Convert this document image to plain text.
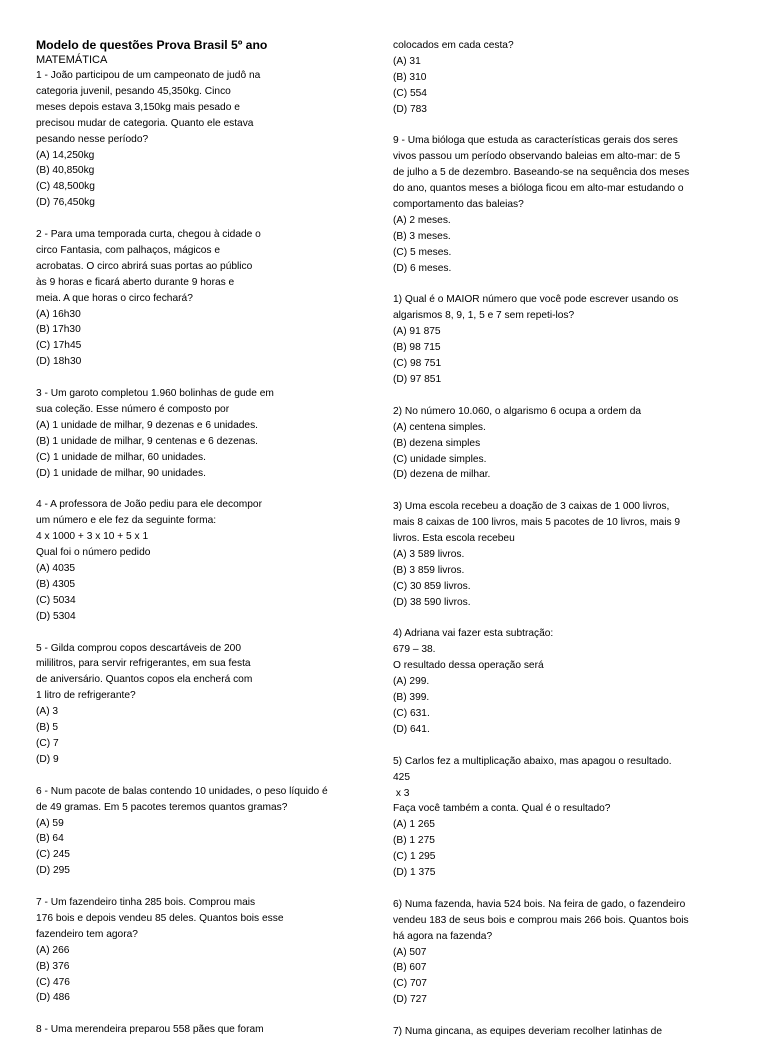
Modelo de questões Prova Brasil 5º ano
MATEMÁTICA
1 - João participou de um campeonato de judô na
categoria juvenil, pesando 45,350kg. Cinco
meses depois estava 3,150kg mais pesado e
precisou mudar de categoria. Quanto ele estava
pesando nesse período?
(A) 14,250kg
(B) 40,850kg
(C) 48,500kg
(D) 76,450kg
2 - Para uma temporada curta, chegou à cidade o
circo Fantasia, com palhaços, mágicos e
acrobatas. O circo abrirá suas portas ao público
às 9 horas e ficará aberto durante 9 horas e
meia. A que horas o circo fechará?
(A) 16h30
(B) 17h30
(C) 17h45
(D) 18h30
3 - Um garoto completou 1.960 bolinhas de gude em
sua coleção. Esse número é composto por
(A) 1 unidade de milhar, 9 dezenas e 6 unidades.
(B) 1 unidade de milhar, 9 centenas e 6 dezenas.
(C) 1 unidade de milhar, 60 unidades.
(D) 1 unidade de milhar, 90 unidades.
4 - A professora de João pediu para ele decompor
um número e ele fez da seguinte forma:
4 x 1000 + 3 x 10 + 5 x 1
Qual foi o número pedido
(A) 4035
(B) 4305
(C) 5034
(D) 5304
5 - Gilda comprou copos descartáveis de 200
mililitros, para servir refrigerantes, em sua festa
de aniversário. Quantos copos ela encherá com
1 litro de refrigerante?
(A) 3
(B) 5
(C) 7
(D) 9
6 - Num pacote de balas contendo 10 unidades, o peso líquido é
de 49 gramas. Em 5 pacotes teremos quantos gramas?
(A) 59
(B) 64
(C) 245
(D) 295
7 - Um fazendeiro tinha 285 bois. Comprou mais
176 bois e depois vendeu 85 deles. Quantos bois esse
fazendeiro tem agora?
(A) 266
(B) 376
(C) 476
(D) 486
8 - Uma merendeira preparou 558 pães que foram
colocados em cada cesta?
(A) 31
(B) 310
(C) 554
(D) 783
9 - Uma bióloga que estuda as características gerais dos seres
vivos passou um período observando baleias em alto-mar: de 5
de julho a 5 de dezembro. Baseando-se na sequência dos meses
do ano, quantos meses a bióloga ficou em alto-mar estudando o
comportamento das baleias?
(A) 2 meses.
(B) 3 meses.
(C) 5 meses.
(D) 6 meses.
1) Qual é o MAIOR número que você pode escrever usando os
algarismos 8, 9, 1, 5 e 7 sem repeti-los?
(A) 91 875
(B) 98 715
(C) 98 751
(D) 97 851
2) No número 10.060, o algarismo 6 ocupa a ordem da
(A) centena simples.
(B) dezena simples
(C) unidade simples.
(D) dezena de milhar.
3) Uma escola recebeu a doação de 3 caixas de 1 000 livros,
mais 8 caixas de 100 livros, mais 5 pacotes de 10 livros, mais 9
livros. Esta escola recebeu
(A) 3 589 livros.
(B) 3 859 livros.
(C) 30 859 livros.
(D) 38 590 livros.
4) Adriana vai fazer esta subtração:
679 – 38.
O resultado dessa operação será
(A) 299.
(B) 399.
(C) 631.
(D) 641.
5) Carlos fez a multiplicação abaixo, mas apagou o resultado.
425
x 3
Faça você também a conta. Qual é o resultado?
(A) 1 265
(B) 1 275
(C) 1 295
(D) 1 375
6) Numa fazenda, havia 524 bois. Na feira de gado, o fazendeiro
vendeu 183 de seus bois e comprou mais 266 bois. Quantos bois
há agora na fazenda?
(A) 507
(B) 607
(C) 707
(D) 727
7) Numa gincana, as equipes deveriam recolher latinhas de
